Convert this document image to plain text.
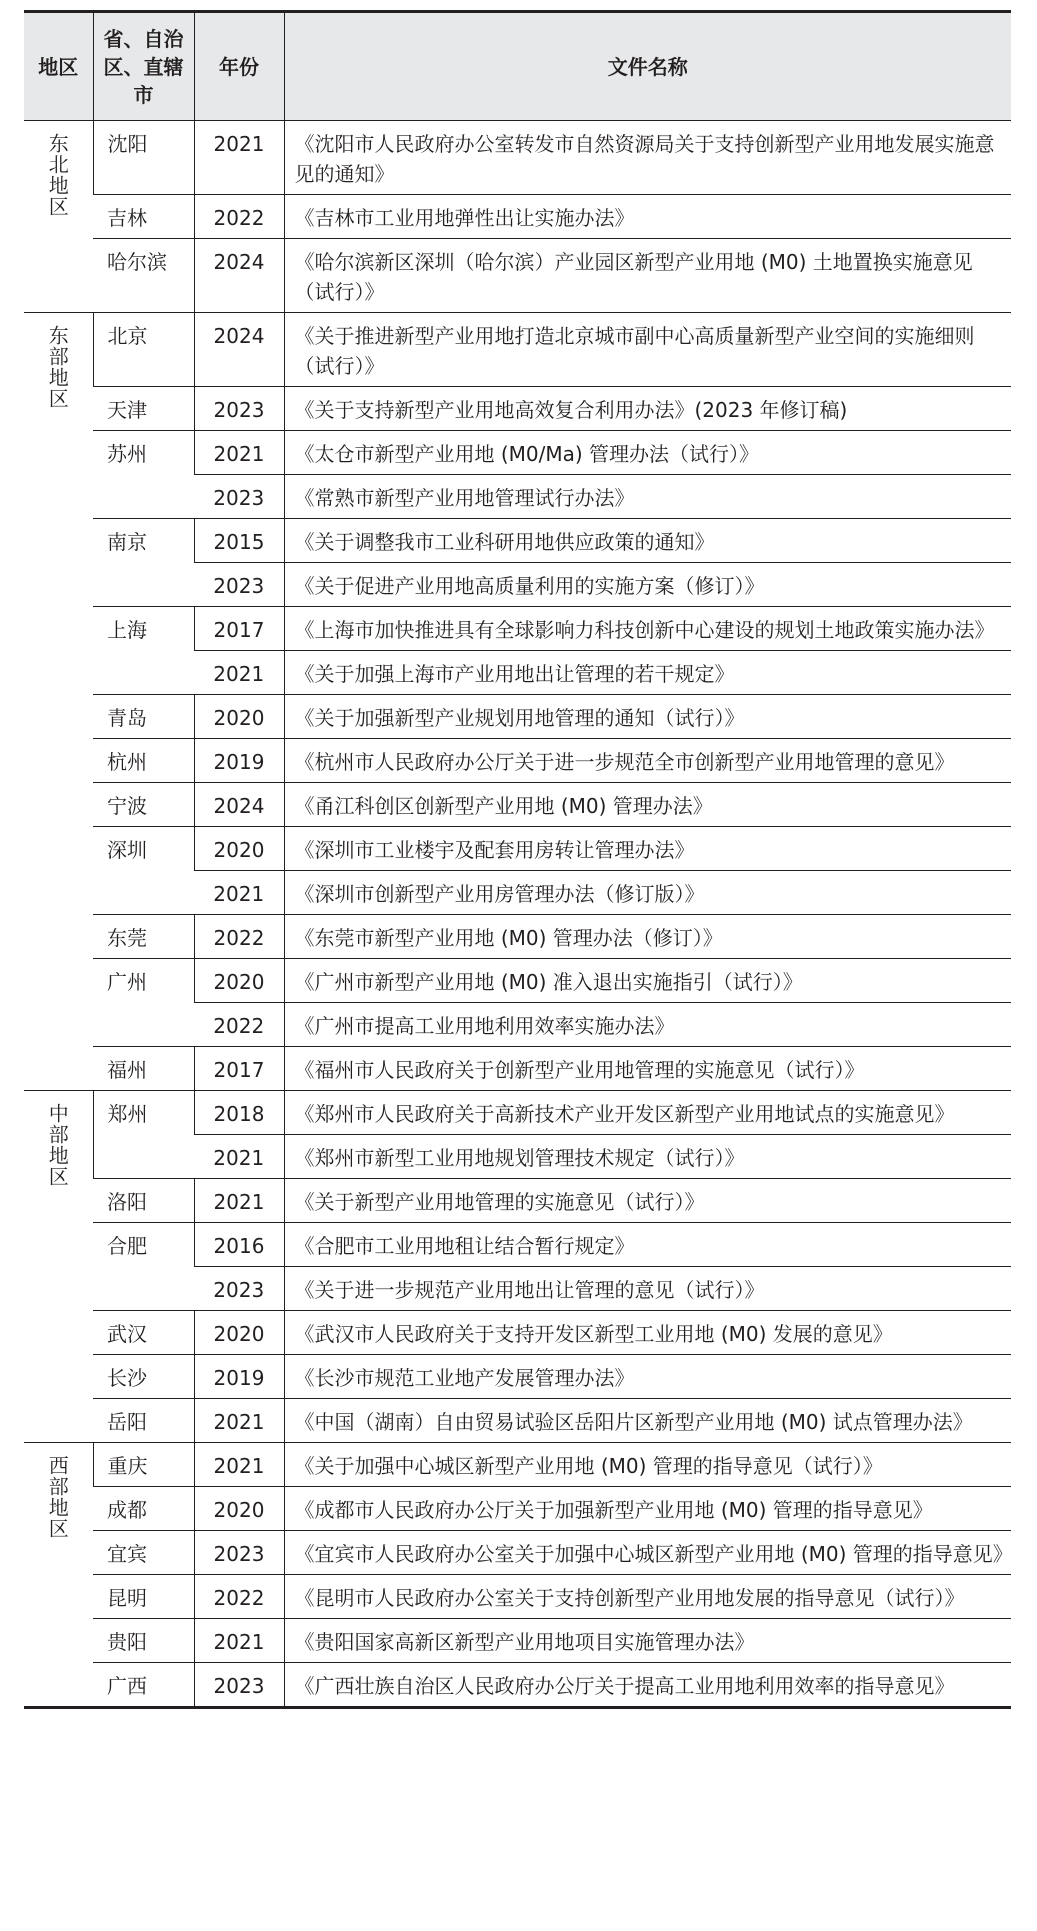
地区	省、自治区、直辖市	年份	文件名称

东北地区	沈阳	2021	《沈阳市人民政府办公室转发市自然资源局关于支持创新型产业用地发展实施意见的通知》
	吉林	2022	《吉林市工业用地弹性出让实施办法》
	哈尔滨	2024	《哈尔滨新区深圳（哈尔滨）产业园区新型产业用地 (M0) 土地置换实施意见（试行）》

东部地区	北京	2024	《关于推进新型产业用地打造北京城市副中心高质量新型产业空间的实施细则（试行）》
	天津	2023	《关于支持新型产业用地高效复合利用办法》(2023 年修订稿)
	苏州	2021	《太仓市新型产业用地 (M0/Ma) 管理办法（试行）》
		2023	《常熟市新型产业用地管理试行办法》
	南京	2015	《关于调整我市工业科研用地供应政策的通知》
		2023	《关于促进产业用地高质量利用的实施方案（修订）》
	上海	2017	《上海市加快推进具有全球影响力科技创新中心建设的规划土地政策实施办法》
		2021	《关于加强上海市产业用地出让管理的若干规定》
	青岛	2020	《关于加强新型产业规划用地管理的通知（试行）》
	杭州	2019	《杭州市人民政府办公厅关于进一步规范全市创新型产业用地管理的意见》
	宁波	2024	《甬江科创区创新型产业用地 (M0) 管理办法》
	深圳	2020	《深圳市工业楼宇及配套用房转让管理办法》
		2021	《深圳市创新型产业用房管理办法（修订版）》
	东莞	2022	《东莞市新型产业用地 (M0) 管理办法（修订）》
	广州	2020	《广州市新型产业用地 (M0) 准入退出实施指引（试行）》
		2022	《广州市提高工业用地利用效率实施办法》
	福州	2017	《福州市人民政府关于创新型产业用地管理的实施意见（试行）》

中部地区	郑州	2018	《郑州市人民政府关于高新技术产业开发区新型产业用地试点的实施意见》
		2021	《郑州市新型工业用地规划管理技术规定（试行）》
	洛阳	2021	《关于新型产业用地管理的实施意见（试行）》
	合肥	2016	《合肥市工业用地租让结合暂行规定》
		2023	《关于进一步规范产业用地出让管理的意见（试行）》
	武汉	2020	《武汉市人民政府关于支持开发区新型工业用地 (M0) 发展的意见》
	长沙	2019	《长沙市规范工业地产发展管理办法》
	岳阳	2021	《中国（湖南）自由贸易试验区岳阳片区新型产业用地 (M0) 试点管理办法》

西部地区	重庆	2021	《关于加强中心城区新型产业用地 (M0) 管理的指导意见（试行）》
	成都	2020	《成都市人民政府办公厅关于加强新型产业用地 (M0) 管理的指导意见》
	宜宾	2023	《宜宾市人民政府办公室关于加强中心城区新型产业用地 (M0) 管理的指导意见》
	昆明	2022	《昆明市人民政府办公室关于支持创新型产业用地发展的指导意见（试行）》
	贵阳	2021	《贵阳国家高新区新型产业用地项目实施管理办法》
	广西	2023	《广西壮族自治区人民政府办公厅关于提高工业用地利用效率的指导意见》
